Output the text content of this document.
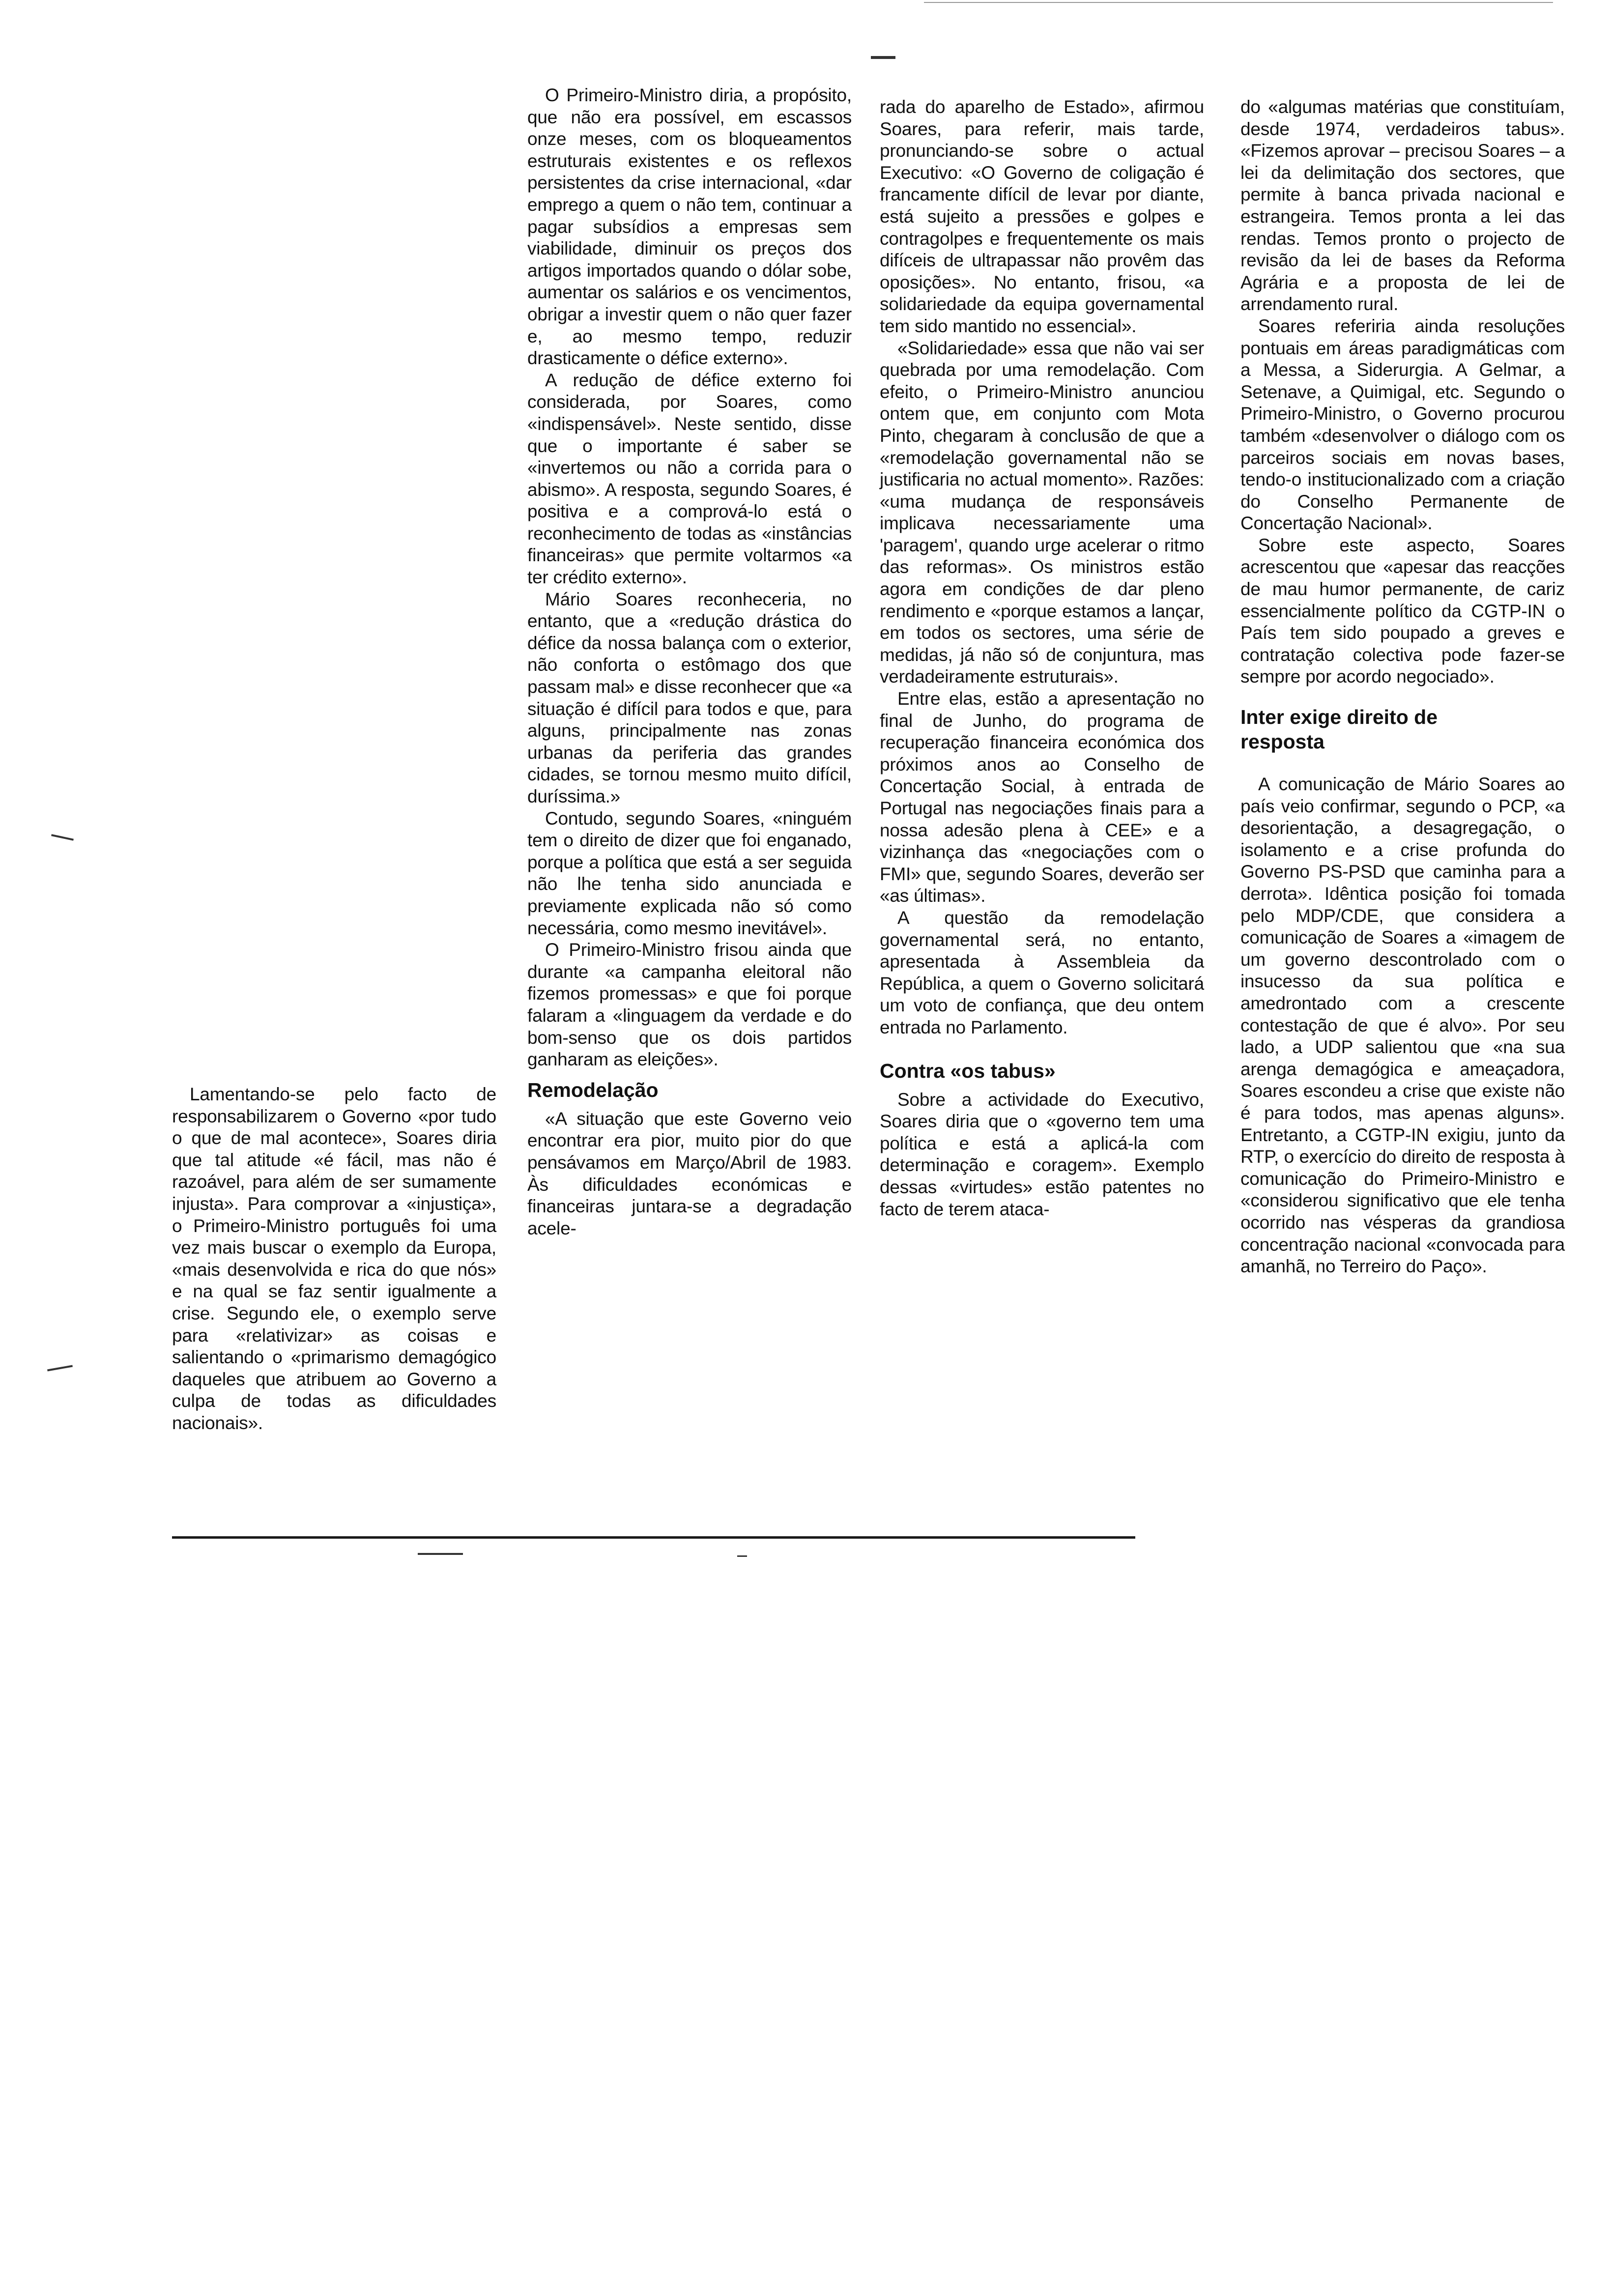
Lamentando-se pelo facto de responsabilizarem o Governo «por tudo o que de mal acontece», Soares diria que tal atitude «é fácil, mas não é razoável, para além de ser sumamente injusta». Para comprovar a «injustiça», o Primeiro-Ministro português foi uma vez mais buscar o exemplo da Europa, «mais desenvolvida e rica do que nós» e na qual se faz sentir igualmente a crise. Segundo ele, o exemplo serve para «relativizar» as coisas e salientando o «primarismo demagógico daqueles que atribuem ao Governo a culpa de todas as dificuldades nacionais».

O Primeiro-Ministro diria, a propósito, que não era possível, em escassos onze meses, com os bloqueamentos estruturais existentes e os reflexos persistentes da crise internacional, «dar emprego a quem o não tem, continuar a pagar subsídios a empresas sem viabilidade, diminuir os preços dos artigos importados quando o dólar sobe, aumentar os salários e os vencimentos, obrigar a investir quem o não quer fazer e, ao mesmo tempo, reduzir drasticamente o défice externo».

A redução de défice externo foi considerada, por Soares, como «indispensável». Neste sentido, disse que o importante é saber se «invertemos ou não a corrida para o abismo». A resposta, segundo Soares, é positiva e a comprová-lo está o reconhecimento de todas as «instâncias financeiras» que permite voltarmos «a ter crédito externo».

Mário Soares reconheceria, no entanto, que a «redução drástica do défice da nossa balança com o exterior, não conforta o estômago dos que passam mal» e disse reconhecer que «a situação é difícil para todos e que, para alguns, principalmente nas zonas urbanas da periferia das grandes cidades, se tornou mesmo muito difícil, duríssima.»

Contudo, segundo Soares, «ninguém tem o direito de dizer que foi enganado, porque a política que está a ser seguida não lhe tenha sido anunciada e previamente explicada não só como necessária, como mesmo inevitável».

O Primeiro-Ministro frisou ainda que durante «a campanha eleitoral não fizemos promessas» e que foi porque falaram a «linguagem da verdade e do bom-senso que os dois partidos ganharam as eleições».

Remodelação

«A situação que este Governo veio encontrar era pior, muito pior do que pensávamos em Março/Abril de 1983. Às dificuldades económicas e financeiras juntara-se a degradação acele-

rada do aparelho de Estado», afirmou Soares, para referir, mais tarde, pronunciando-se sobre o actual Executivo: «O Governo de coligação é francamente difícil de levar por diante, está sujeito a pressões e golpes e contragolpes e frequentemente os mais difíceis de ultrapassar não provêm das oposições». No entanto, frisou, «a solidariedade da equipa governamental tem sido mantido no essencial».

«Solidariedade» essa que não vai ser quebrada por uma remodelação. Com efeito, o Primeiro-Ministro anunciou ontem que, em conjunto com Mota Pinto, chegaram à conclusão de que a «remodelação governamental não se justificaria no actual momento». Razões: «uma mudança de responsáveis implicava necessariamente uma 'paragem', quando urge acelerar o ritmo das reformas». Os ministros estão agora em condições de dar pleno rendimento e «porque estamos a lançar, em todos os sectores, uma série de medidas, já não só de conjuntura, mas verdadeiramente estruturais».

Entre elas, estão a apresentação no final de Junho, do programa de recuperação financeira económica dos próximos anos ao Conselho de Concertação Social, à entrada de Portugal nas negociações finais para a nossa adesão plena à CEE» e a vizinhança das «negociações com o FMI» que, segundo Soares, deverão ser «as últimas».

A questão da remodelação governamental será, no entanto, apresentada à Assembleia da República, a quem o Governo solicitará um voto de confiança, que deu ontem entrada no Parlamento.

Contra «os tabus»

Sobre a actividade do Executivo, Soares diria que o «governo tem uma política e está a aplicá-la com determinação e coragem». Exemplo dessas «virtudes» estão patentes no facto de terem ataca-

do «algumas matérias que constituíam, desde 1974, verdadeiros tabus». «Fizemos aprovar – precisou Soares – a lei da delimitação dos sectores, que permite à banca privada nacional e estrangeira. Temos pronta a lei das rendas. Temos pronto o projecto de revisão da lei de bases da Reforma Agrária e a proposta de lei de arrendamento rural.

Soares referiria ainda resoluções pontuais em áreas paradigmáticas com a Messa, a Siderurgia. A Gelmar, a Setenave, a Quimigal, etc. Segundo o Primeiro-Ministro, o Governo procurou também «desenvolver o diálogo com os parceiros sociais em novas bases, tendo-o institucionalizado com a criação do Conselho Permanente de Concertação Nacional».

Sobre este aspecto, Soares acrescentou que «apesar das reacções de mau humor permanente, de cariz essencialmente político da CGTP-IN o País tem sido poupado a greves e contratação colectiva pode fazer-se sempre por acordo negociado».

Inter exige direito de resposta

A comunicação de Mário Soares ao país veio confirmar, segundo o PCP, «a desorientação, a desagregação, o isolamento e a crise profunda do Governo PS-PSD que caminha para a derrota». Idêntica posição foi tomada pelo MDP/CDE, que considera a comunicação de Soares a «imagem de um governo descontrolado com o insucesso da sua política e amedrontado com a crescente contestação de que é alvo». Por seu lado, a UDP salientou que «na sua arenga demagógica e ameaçadora, Soares escondeu a crise que existe não é para todos, mas apenas alguns». Entretanto, a CGTP-IN exigiu, junto da RTP, o exercício do direito de resposta à comunicação do Primeiro-Ministro e «considerou significativo que ele tenha ocorrido nas vésperas da grandiosa concentração nacional «convocada para amanhã, no Terreiro do Paço».
